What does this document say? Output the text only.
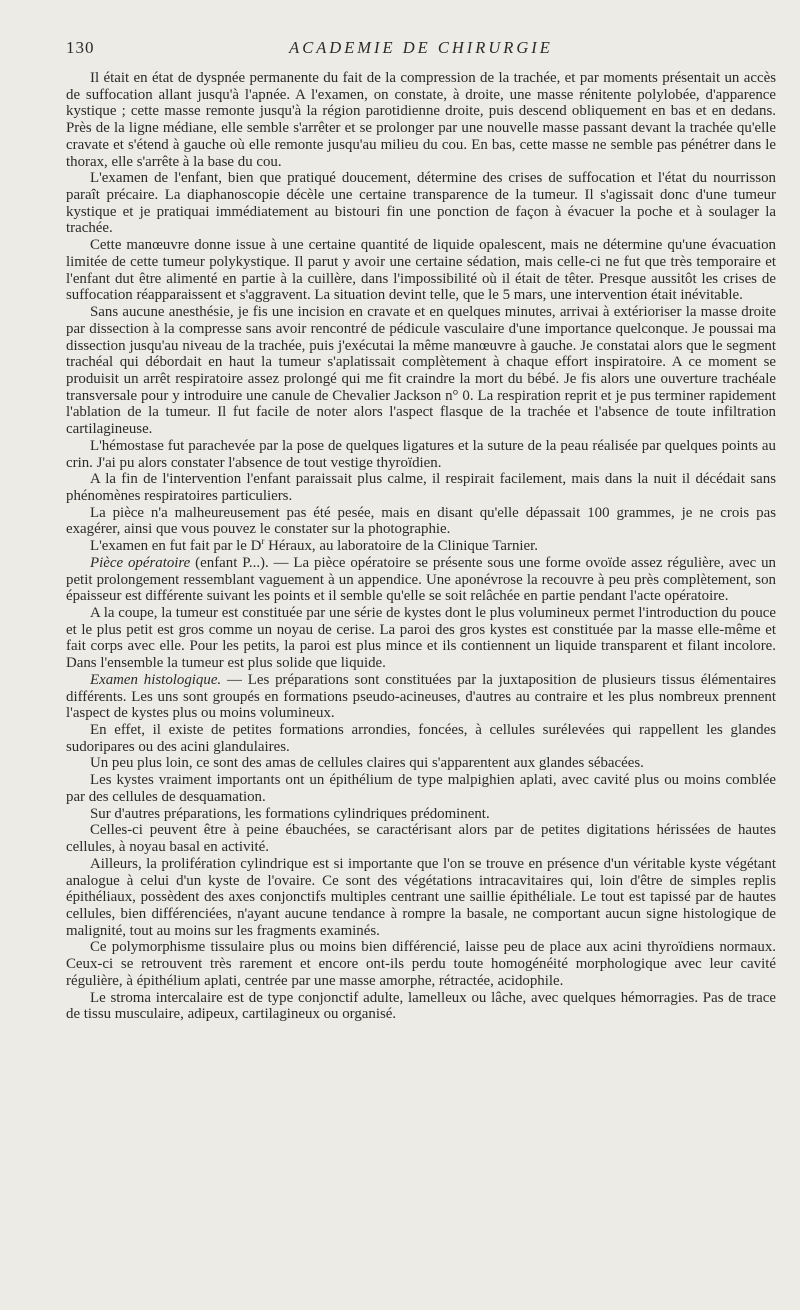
130	ACADEMIE DE CHIRURGIE

Il était en état de dyspnée permanente du fait de la compression de la trachée, et par moments présentait un accès de suffocation allant jusqu'à l'apnée. A l'examen, on constate, à droite, une masse rénitente polylobée, d'apparence kystique ; cette masse remonte jusqu'à la région parotidienne droite, puis descend obliquement en bas et en dedans. Près de la ligne médiane, elle semble s'arrêter et se prolonger par une nouvelle masse passant devant la trachée qu'elle cravate et s'étend à gauche où elle remonte jusqu'au milieu du cou. En bas, cette masse ne semble pas pénétrer dans le thorax, elle s'arrête à la base du cou.

L'examen de l'enfant, bien que pratiqué doucement, détermine des crises de suffocation et l'état du nourrisson paraît précaire. La diaphanoscopie décèle une certaine transparence de la tumeur. Il s'agissait donc d'une tumeur kystique et je pratiquai immédiatement au bistouri fin une ponction de façon à évacuer la poche et à soulager la trachée.

Cette manœuvre donne issue à une certaine quantité de liquide opalescent, mais ne détermine qu'une évacuation limitée de cette tumeur polykystique. Il parut y avoir une certaine sédation, mais celle-ci ne fut que très temporaire et l'enfant dut être alimenté en partie à la cuillère, dans l'impossibilité où il était de têter. Presque aussitôt les crises de suffocation réapparaissent et s'aggravent. La situation devint telle, que le 5 mars, une intervention était inévitable.

Sans aucune anesthésie, je fis une incision en cravate et en quelques minutes, arrivai à extérioriser la masse droite par dissection à la compresse sans avoir rencontré de pédicule vasculaire d'une importance quelconque. Je poussai ma dissection jusqu'au niveau de la trachée, puis j'exécutai la même manœuvre à gauche. Je constatai alors que le segment trachéal qui débordait en haut la tumeur s'aplatissait complètement à chaque effort inspiratoire. A ce moment se produisit un arrêt respiratoire assez prolongé qui me fit craindre la mort du bébé. Je fis alors une ouverture trachéale transversale pour y introduire une canule de Chevalier Jackson n° 0. La respiration reprit et je pus terminer rapidement l'ablation de la tumeur. Il fut facile de noter alors l'aspect flasque de la trachée et l'absence de toute infiltration cartilagineuse.

L'hémostase fut parachevée par la pose de quelques ligatures et la suture de la peau réalisée par quelques points au crin. J'ai pu alors constater l'absence de tout vestige thyroïdien.

A la fin de l'intervention l'enfant paraissait plus calme, il respirait facilement, mais dans la nuit il décédait sans phénomènes respiratoires particuliers.

La pièce n'a malheureusement pas été pesée, mais en disant qu'elle dépassait 100 grammes, je ne crois pas exagérer, ainsi que vous pouvez le constater sur la photographie.

L'examen en fut fait par le $D^r$ Héraux, au laboratoire de la Clinique Tarnier.

Pièce opératoire (enfant P...). — La pièce opératoire se présente sous une forme ovoïde assez régulière, avec un petit prolongement ressemblant vaguement à un appendice. Une aponévrose la recouvre à peu près complètement, son épaisseur est différente suivant les points et il semble qu'elle se soit relâchée en partie pendant l'acte opératoire.

A la coupe, la tumeur est constituée par une série de kystes dont le plus volumineux permet l'introduction du pouce et le plus petit est gros comme un noyau de cerise. La paroi des gros kystes est constituée par la masse elle-même et fait corps avec elle. Pour les petits, la paroi est plus mince et ils contiennent un liquide transparent et filant incolore. Dans l'ensemble la tumeur est plus solide que liquide.

Examen histologique. — Les préparations sont constituées par la juxtaposition de plusieurs tissus élémentaires différents. Les uns sont groupés en formations pseudo-acineuses, d'autres au contraire et les plus nombreux prennent l'aspect de kystes plus ou moins volumineux.

En effet, il existe de petites formations arrondies, foncées, à cellules surélevées qui rappellent les glandes sudoripares ou des acini glandulaires.

Un peu plus loin, ce sont des amas de cellules claires qui s'apparentent aux glandes sébacées.

Les kystes vraiment importants ont un épithélium de type malpighien aplati, avec cavité plus ou moins comblée par des cellules de desquamation.

Sur d'autres préparations, les formations cylindriques prédominent.

Celles-ci peuvent être à peine ébauchées, se caractérisant alors par de petites digitations hérissées de hautes cellules, à noyau basal en activité.

Ailleurs, la prolifération cylindrique est si importante que l'on se trouve en présence d'un véritable kyste végétant analogue à celui d'un kyste de l'ovaire. Ce sont des végétations intracavitaires qui, loin d'être de simples replis épithéliaux, possèdent des axes conjonctifs multiples centrant une saillie épithéliale. Le tout est tapissé par de hautes cellules, bien différenciées, n'ayant aucune tendance à rompre la basale, ne comportant aucun signe histologique de malignité, tout au moins sur les fragments examinés.

Ce polymorphisme tissulaire plus ou moins bien différencié, laisse peu de place aux acini thyroïdiens normaux. Ceux-ci se retrouvent très rarement et encore ont-ils perdu toute homogénéité morphologique avec leur cavité régulière, à épithélium aplati, centrée par une masse amorphe, rétractée, acidophile.

Le stroma intercalaire est de type conjonctif adulte, lamelleux ou lâche, avec quelques hémorragies. Pas de trace de tissu musculaire, adipeux, cartilagineux ou organisé.
